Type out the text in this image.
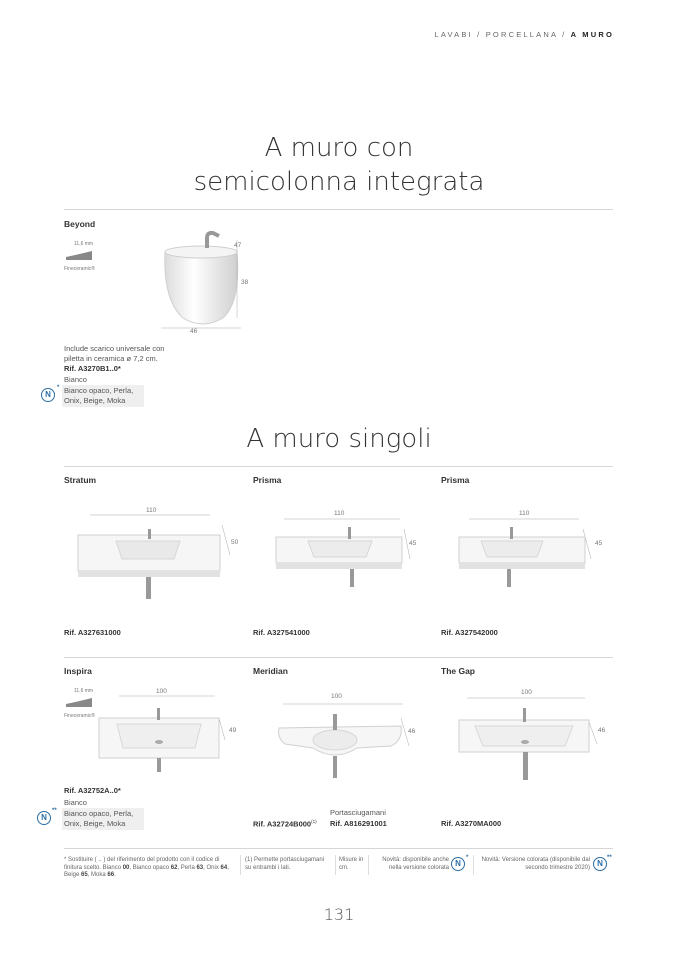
LAVABI / PORCELLANA / A MURO
A muro con
semicolonna integrata
Beyond
11,6 mm
Fineceramic®
47
38
46
Include scarico universale con piletta in ceramica ø 7,2 cm.
Rif. A3270B1..0*
Bianco
Bianco opaco, Perla, Onix, Beige, Moka
N
*
A muro singoli
Stratum	Prisma	Prisma
110
50
110
45
110
45
Rif. A327631000	Rif. A327541000	Rif. A327542000
Inspira	Meridian	The Gap
11,6 mm
Fineceramic®
100
49
Rif. A32752A..0*
Bianco
Bianco opaco, Perla, Onix, Beige, Moka
N
**
100
46
Portasciugamani
Rif. A32724B000$^{(1)}$ Rif. A816291001
100
46
Rif. A3270MA000
* Sostituire ( .. ) del riferimento del prodotto con il codice di finitura scelto. Bianco 00, Bianco opaco 62, Perla 63, Onix 64, Beige 65, Moka 66.
(1) Permette portasciugamani su entrambi i lati.
Misure in cm.
Novità: disponibile anche nella versione colorata N
*	Novità: Versione colorata (disponibile dal secondo trimestre 2020) N
**
131
